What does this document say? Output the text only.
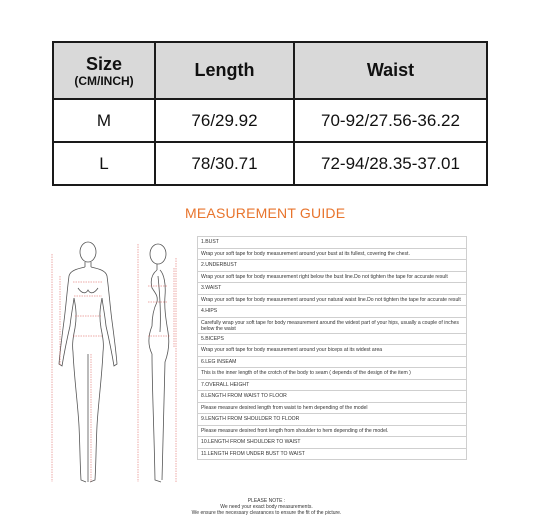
Size
(CM/INCH)	Length	Waist
M	76/29.92	70-92/27.56-36.22
L	78/30.71	72-94/28.35-37.01
MEASUREMENT GUIDE
1.BUST
Wrap your soft tape for body measurement around your bust at its fullest, covering the chest.
2.UNDERBUST
Wrap your soft tape for body measurement right below the bust line.Do not tighten the tape for accurate result
3.WAIST
Wrap your soft tape for body measurement around your natural waist line.Do not tighten the tape for accurate result
4.HIPS
Carefully wrap your soft tape for body measurement around the widest part of your hips, usually a couple of inches below the waist
5.BICEPS
Wrap your soft tape for body measurement around your biceps at its widest area
6.LEG INSEAM
This is the inner length of the crotch of the body to seam ( depends of the design of the item )
7.OVERALL HEIGHT
8.LENGTH FROM WAIST TO FLOOR
Please measure desired length from waist to hem depending of the model
9.LENGTH FROM SHOULDER TO FLOOR
Please measure desired front length from shoulder to hem depending of the model.
10.LENGTH FROM SHOULDER TO WAIST
11.LENGTH FROM UNDER BUST TO WAIST
PLEASE NOTE :
We need your exact body measurements.
We ensure the necessary clearances to ensure the fit of the picture.
